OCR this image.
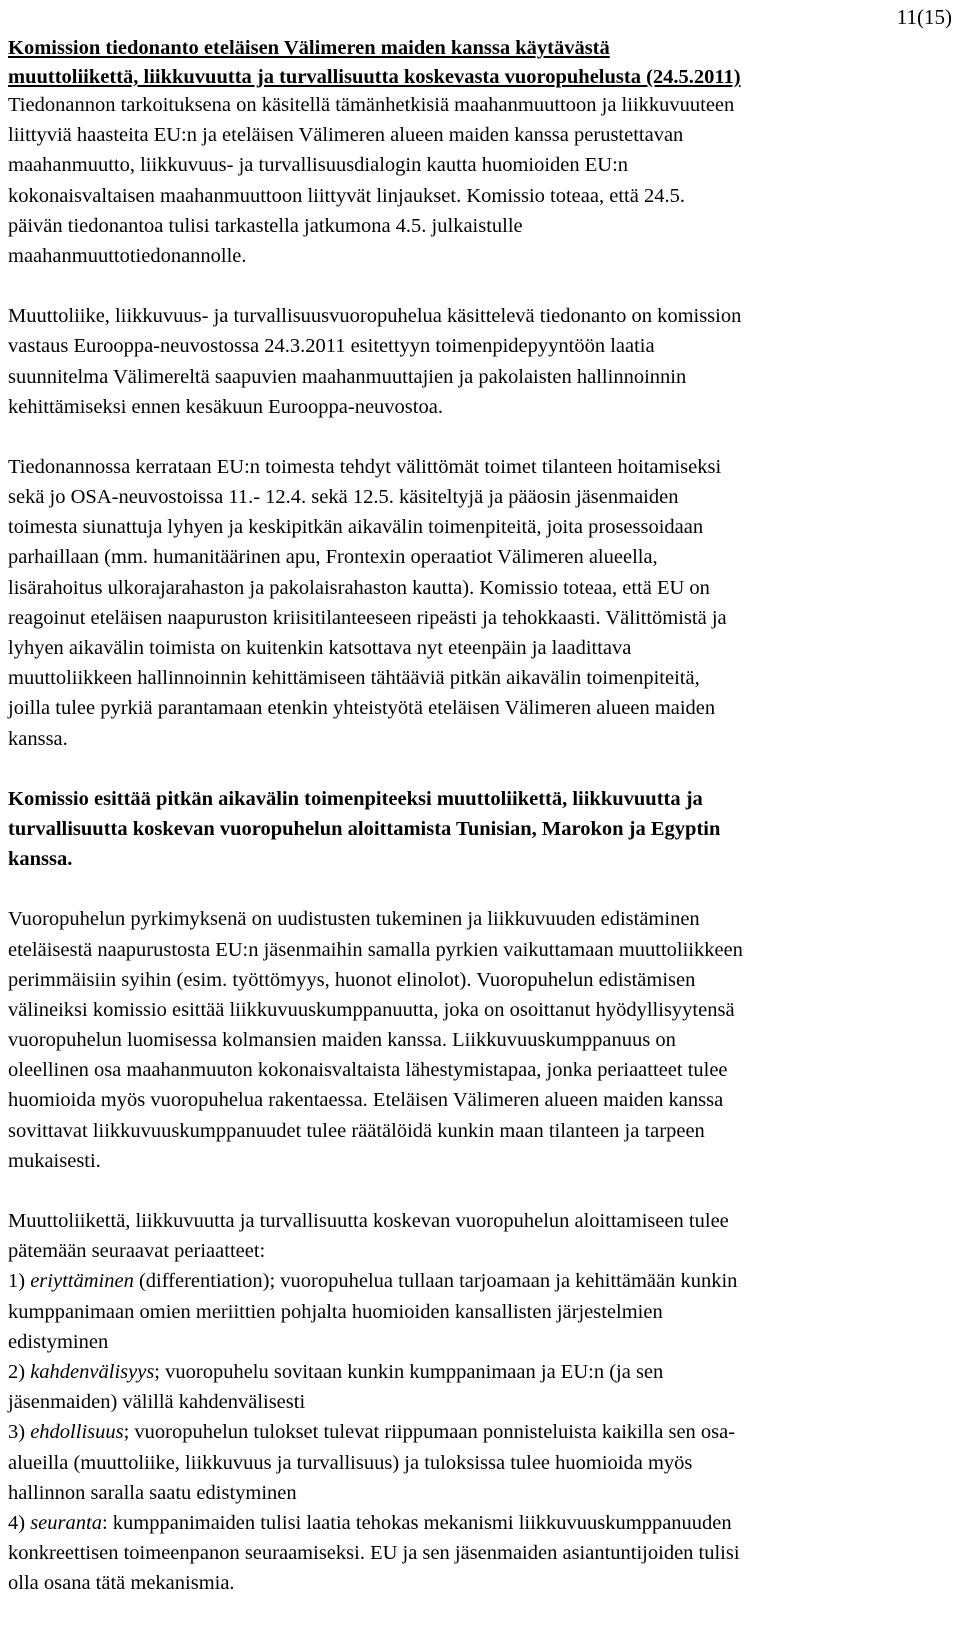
11(15)
Komission tiedonanto eteläisen Välimeren maiden kanssa käytävästä
muuttoliikettä, liikkuvuutta ja turvallisuutta koskevasta vuoropuhelusta (24.5.2011)
Tiedonannon tarkoituksena on käsitellä tämänhetkisiä maahanmuuttoon ja liikkuvuuteen
liittyviä haasteita EU:n ja eteläisen Välimeren alueen maiden kanssa perustettavan
maahanmuutto, liikkuvuus- ja turvallisuusdialogin kautta huomioiden EU:n
kokonaisvaltaisen maahanmuuttoon liittyvät linjaukset. Komissio toteaa, että 24.5.
päivän tiedonantoa tulisi tarkastella jatkumona 4.5. julkaistulle
maahanmuuttotiedonannolle.
Muuttoliike, liikkuvuus- ja turvallisuusvuoropuhelua käsittelevä tiedonanto on komission
vastaus Eurooppa-neuvostossa 24.3.2011 esitettyyn toimenpidepyyntöön laatia
suunnitelma Välimereltä saapuvien maahanmuuttajien ja pakolaisten hallinnoinnin
kehittämiseksi ennen kesäkuun Eurooppa-neuvostoa.
Tiedonannossa kerrataan EU:n toimesta tehdyt välittömät toimet tilanteen hoitamiseksi
sekä jo OSA-neuvostoissa 11.- 12.4. sekä 12.5. käsiteltyjä ja pääosin jäsenmaiden
toimesta siunattuja lyhyen ja keskipitkän aikavälin toimenpiteitä, joita prosessoidaan
parhaillaan (mm. humanitäärinen apu, Frontexin operaatiot Välimeren alueella,
lisärahoitus ulkorajarahaston ja pakolaisrahaston kautta). Komissio toteaa, että EU on
reagoinut eteläisen naapuruston kriisitilanteeseen ripeästi ja tehokkaasti. Välittömistä ja
lyhyen aikavälin toimista on kuitenkin katsottava nyt eteenpäin ja laadittava
muuttoliikkeen hallinnoinnin kehittämiseen tähtääviä pitkän aikavälin toimenpiteitä,
joilla tulee pyrkiä parantamaan etenkin yhteistyötä eteläisen Välimeren alueen maiden
kanssa.
Komissio esittää pitkän aikavälin toimenpiteeksi muuttoliikettä, liikkuvuutta ja
turvallisuutta koskevan vuoropuhelun aloittamista Tunisian, Marokon ja Egyptin
kanssa.
Vuoropuhelun pyrkimyksenä on uudistusten tukeminen ja liikkuvuuden edistäminen
eteläisestä naapurustosta EU:n jäsenmaihin samalla pyrkien vaikuttamaan muuttoliikkeen
perimmäisiin syihin (esim. työttömyys, huonot elinolot). Vuoropuhelun edistämisen
välineiksi komissio esittää liikkuvuuskumppanuutta, joka on osoittanut hyödyllisyytensä
vuoropuhelun luomisessa kolmansien maiden kanssa. Liikkuvuuskumppanuus on
oleellinen osa maahanmuuton kokonaisvaltaista lähestymistapaa, jonka periaatteet tulee
huomioida myös vuoropuhelua rakentaessa. Eteläisen Välimeren alueen maiden kanssa
sovittavat liikkuvuuskumppanuudet tulee räätälöidä kunkin maan tilanteen ja tarpeen
mukaisesti.
Muuttoliikettä, liikkuvuutta ja turvallisuutta koskevan vuoropuhelun aloittamiseen tulee
pätemään seuraavat periaatteet:
1) eriyttäminen (differentiation); vuoropuhelua tullaan tarjoamaan ja kehittämään kunkin
kumppanimaan omien meriittien pohjalta huomioiden kansallisten järjestelmien
edistyminen
2) kahdenvälisyys; vuoropuhelu sovitaan kunkin kumppanimaan ja EU:n (ja sen
jäsenmaiden) välillä kahdenvälisesti
3) ehdollisuus; vuoropuhelun tulokset tulevat riippumaan ponnisteluista kaikilla sen osa-
alueilla (muuttoliike, liikkuvuus ja turvallisuus) ja tuloksissa tulee huomioida myös
hallinnon saralla saatu edistyminen
4) seuranta: kumppanimaiden tulisi laatia tehokas mekanismi liikkuvuuskumppanuuden
konkreettisen toimeenpanon seuraamiseksi. EU ja sen jäsenmaiden asiantuntijoiden tulisi
olla osana tätä mekanismia.
